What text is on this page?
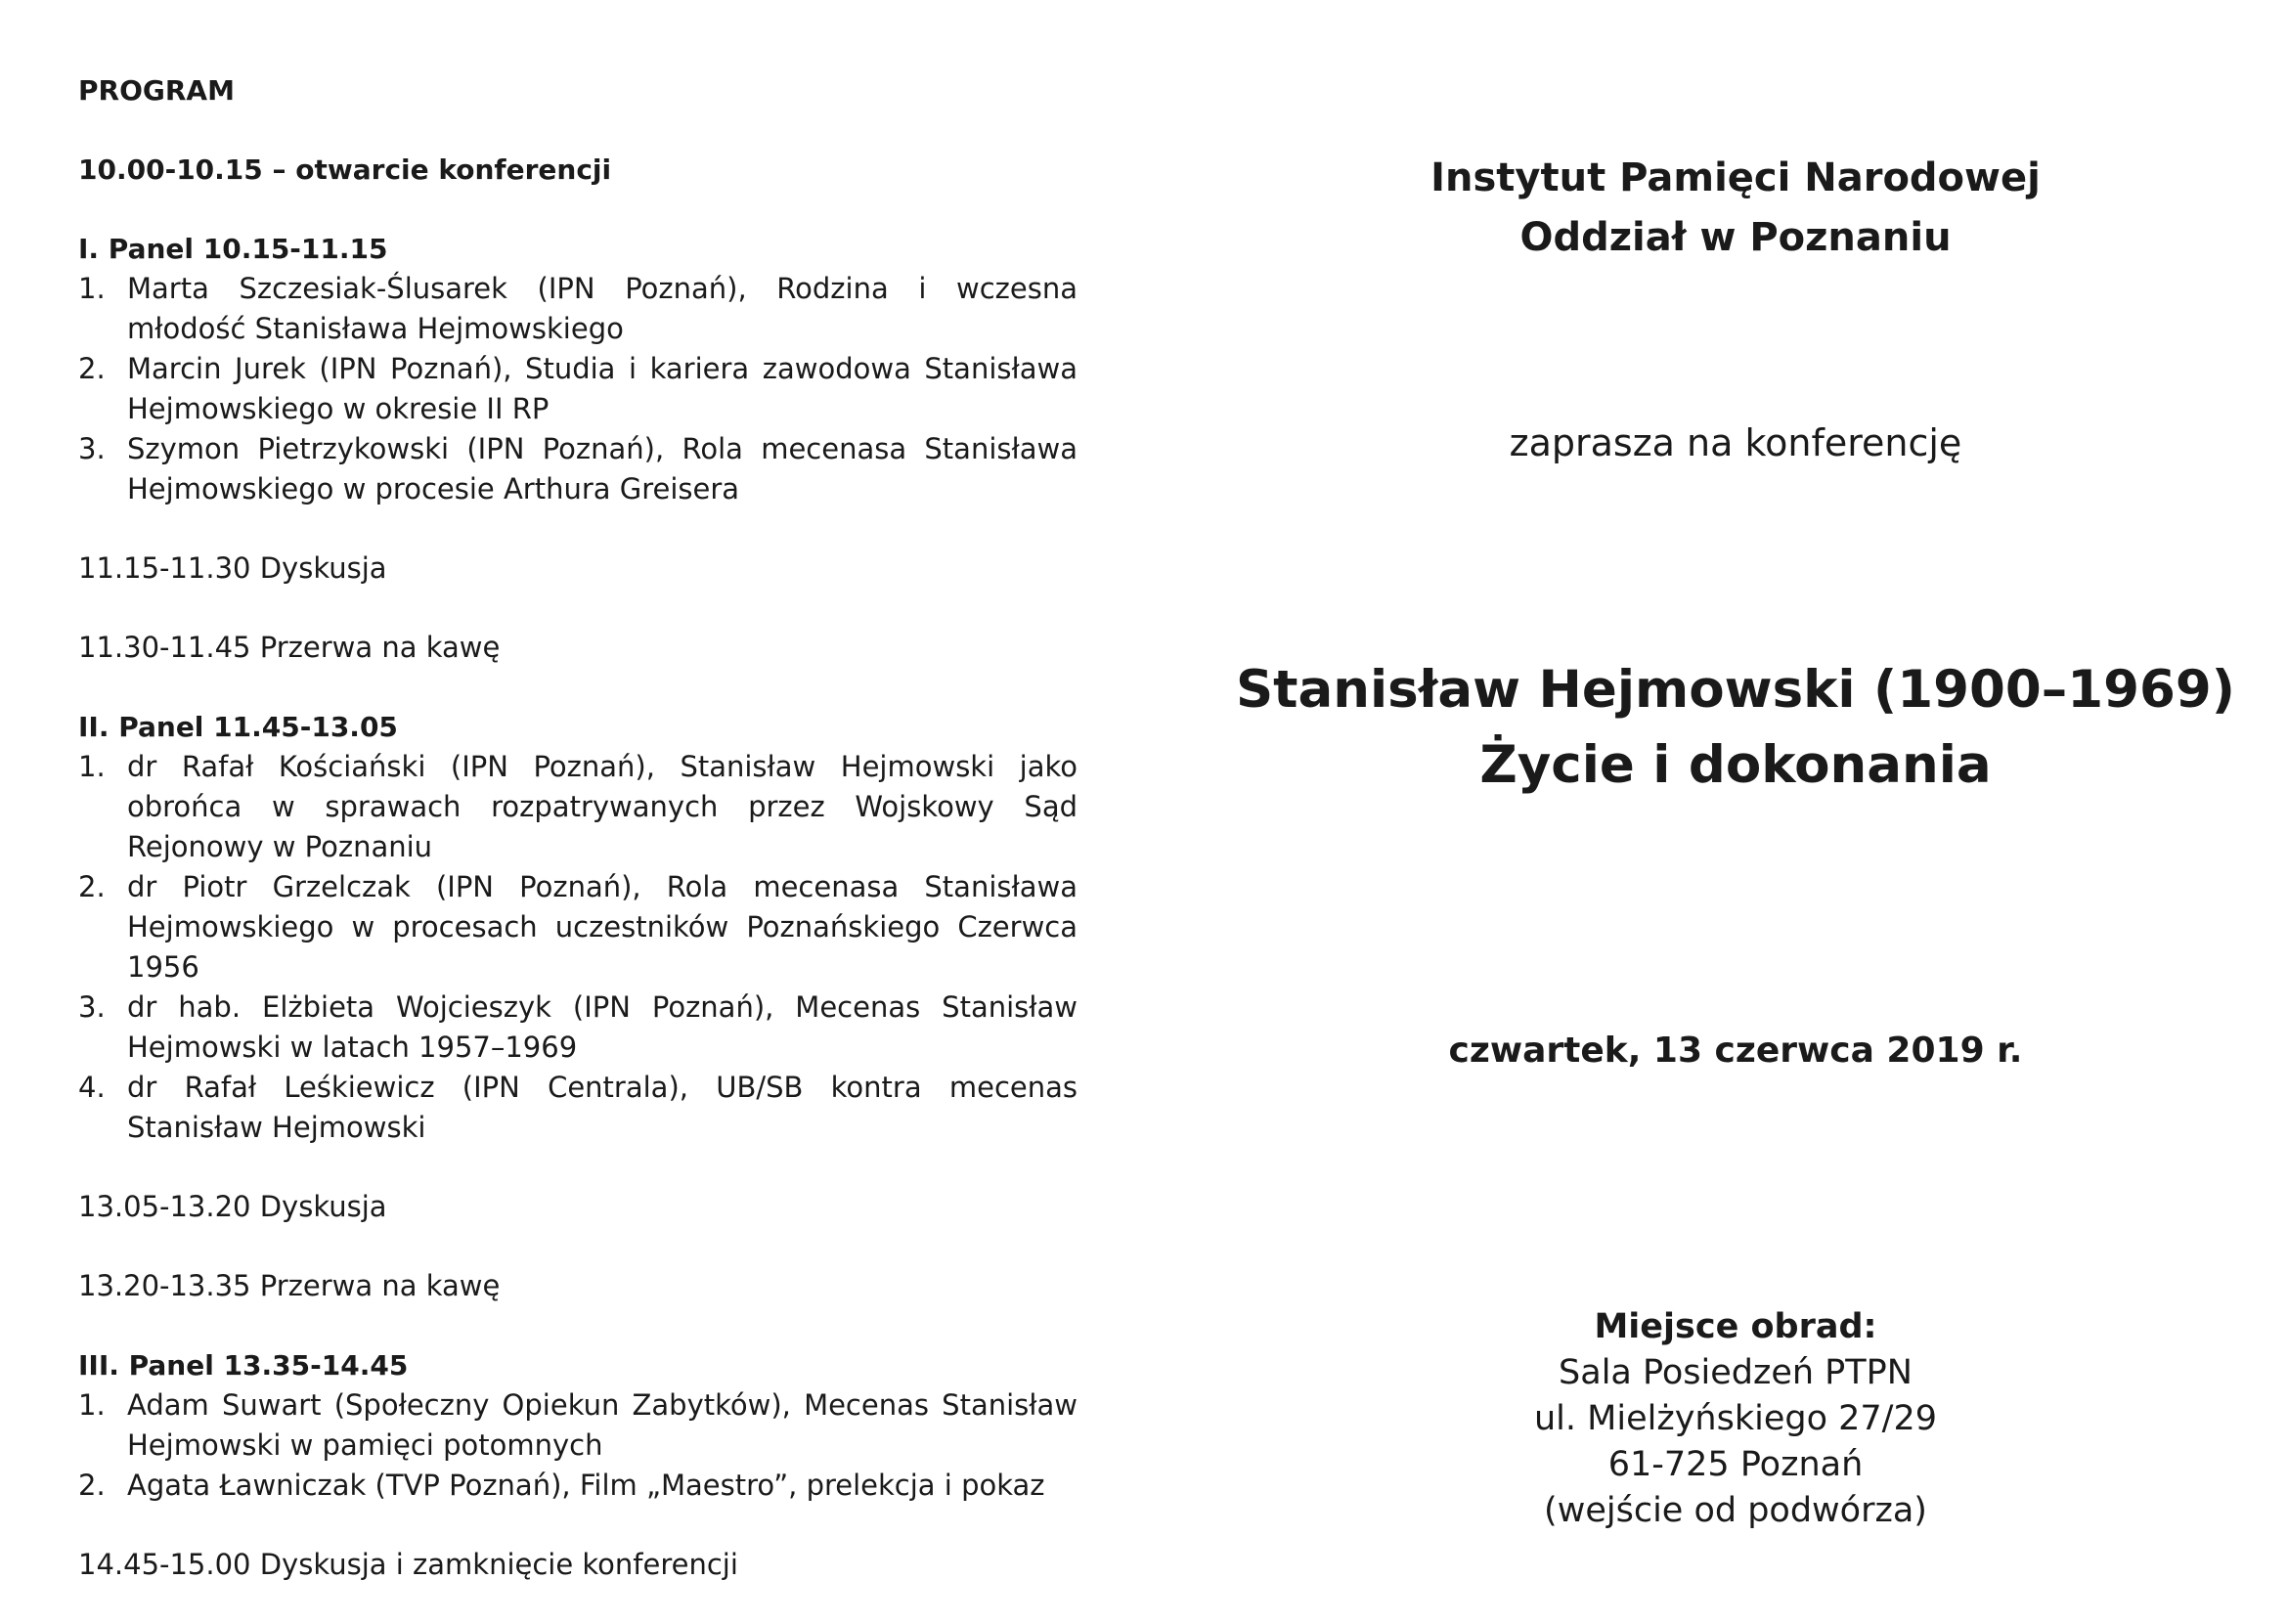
PROGRAM
10.00-10.15 – otwarcie konferencji
I. Panel 10.15-11.15
1. Marta Szczesiak-Ślusarek (IPN Poznań), Rodzina i wczesna młodość Stanisława Hejmowskiego
2. Marcin Jurek (IPN Poznań), Studia i kariera zawodowa Stanisława Hejmowskiego w okresie II RP
3. Szymon Pietrzykowski (IPN Poznań), Rola mecenasa Stanisława Hejmowskiego w procesie Arthura Greisera
11.15-11.30 Dyskusja
11.30-11.45 Przerwa na kawę
II. Panel 11.45-13.05
1. dr Rafał Kościański (IPN Poznań), Stanisław Hejmowski jako obrońca w sprawach rozpatrywanych przez Wojskowy Sąd Rejonowy w Poznaniu
2. dr Piotr Grzelczak (IPN Poznań), Rola mecenasa Stanisława Hejmowskiego w procesach uczestników Poznańskiego Czerwca 1956
3. dr hab. Elżbieta Wojcieszyk (IPN Poznań), Mecenas Stanisław Hejmowski w latach 1957–1969
4. dr Rafał Leśkiewicz (IPN Centrala), UB/SB kontra mecenas Stanisław Hejmowski
13.05-13.20 Dyskusja
13.20-13.35 Przerwa na kawę
III. Panel 13.35-14.45
1. Adam Suwart (Społeczny Opiekun Zabytków), Mecenas Stanisław Hejmowski w pamięci potomnych
2. Agata Ławniczak (TVP Poznań), Film „Maestro”, prelekcja i pokaz
14.45-15.00 Dyskusja i zamknięcie konferencji
Instytut Pamięci Narodowej
Oddział w Poznaniu
zaprasza na konferencję
Stanisław Hejmowski (1900–1969)
Życie i dokonania
czwartek, 13 czerwca 2019 r.
Miejsce obrad:
Sala Posiedzeń PTPN
ul. Mielżyńskiego 27/29
61-725 Poznań
(wejście od podwórza)
